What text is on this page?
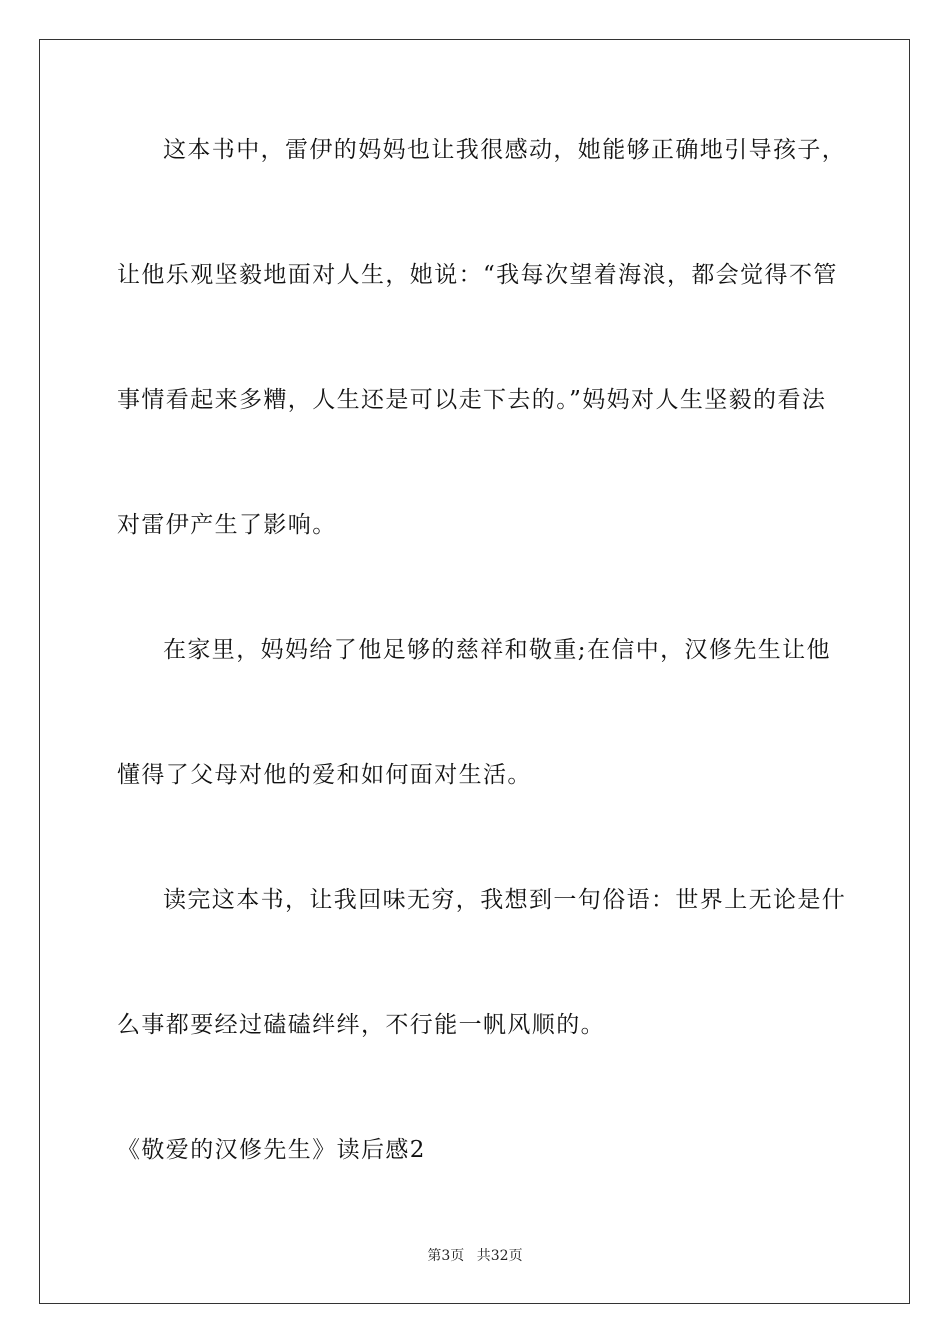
这本书中，雷伊的妈妈也让我很感动，她能够正确地引导孩子，
让他乐观坚毅地面对人生，她说：“我每次望着海浪，都会觉得不管
事情看起来多糟，人生还是可以走下去的。”妈妈对人生坚毅的看法
对雷伊产生了影响。
在家里，妈妈给了他足够的慈祥和敬重;在信中，汉修先生让他
懂得了父母对他的爱和如何面对生活。
读完这本书，让我回味无穷，我想到一句俗语：世界上无论是什
么事都要经过磕磕绊绊，不行能一帆风顺的。
《敬爱的汉修先生》读后感2
第3页 共32页
